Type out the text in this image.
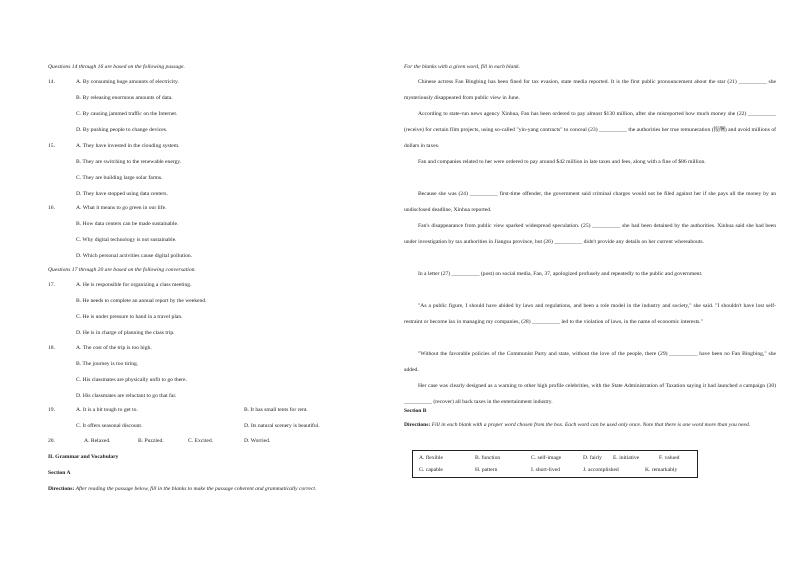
Questions 14 through 16 are based on the following passage.
14.	A. By consuming huge amounts of electricity.
B. By releasing enormous amounts of data.
C. By causing jammed traffic on the Internet.
D. By pushing people to change devices.
15.	A. They have invested in the clouding system.
B. They are switching to the renewable energy.
C. They are building large solar farms.
D. They have stopped using data centers.
16.	A. What it means to go green in our life.
B. How data centers can be made sustainable.
C. Why digital technology is not sustainable.
D. Which personal activities cause digital pollution.
Questions 17 through 20 are based on the following conversation.
17.	A. He is responsible for organizing a class meeting.
B. He needs to complete an annual report by the weekend.
C. He is under pressure to hand in a travel plan.
D. He is in charge of planning the class trip.
18.	A. The cost of the trip is too high.
B. The journey is too tiring.
C. His classmates are physically unfit to go there.
D. His classmates are reluctant to go that far.
19.	A. It is a bit tough to get to.	B. It has small tents for rent.
C. It offers seasonal discount.	D. Its natural scenery is beautiful.
20.	A. Relaxed.	B. Puzzled.	C. Excited.	D. Worried.
II. Grammar and Vocabulary
Section A
Directions: After reading the passage below, fill in the blanks to make the passage coherent and grammatically correct.
For the blanks with a given word, fill in each blank.
Chinese actress Fan Bingbing has been fined for tax evasion, state media reported. It is the first public pronouncement about the star (21) __________ she mysteriously disappeared from public view in June.
According to state-run news agency Xinhua, Fan has been ordered to pay almost $130 million, after she misreported how much money she (22) __________ (receive) for certain film projects, using so-called "yin-yang contracts" to conceal (23) __________ the authorities her true remuneration (报酬) and avoid millions of dollars in taxes.
Fan and companies related to her were ordered to pay around $42 million in late taxes and fees, along with a fine of $86 million.
Because she was (24) __________ first-time offender, the government said criminal charges would not be filed against her if she pays all the money by an undisclosed deadline, Xinhua reported.
Fan's disappearance from public view sparked widespread speculation. (25) __________ she had been detained by the authorities. Xinhua said she had been under investigation by tax authorities in Jiangsu province, but (26) __________ didn't provide any details on her current whereabouts.
In a letter (27) __________ (post) on social media, Fan, 37, apologized profusely and repeatedly to the public and government.
"As a public figure, I should have abided by laws and regulations, and been a role model in the industry and society," she said. "I shouldn't have lost self-restraint or become lax in managing my companies, (28) __________ led to the violation of laws, in the name of economic interests."
"Without the favorable policies of the Communist Party and state, without the love of the people, there (29) __________ have been no Fan Bingbing," she added.
Her case was clearly designed as a warning to other high profile celebrities, with the State Administration of Taxation saying it had launched a campaign (30) __________ (recover) all back taxes in the entertainment industry.
Section B
Directions: Fill in each blank with a proper word chosen from the box. Each word can be used only once. Note that there is one word more than you need.
A. flexible	B. function	C. self-image	D. fairly E. initiative	F. valued
G. capable	H. pattern	I. short-lived	J. accomplished	K. remarkably
